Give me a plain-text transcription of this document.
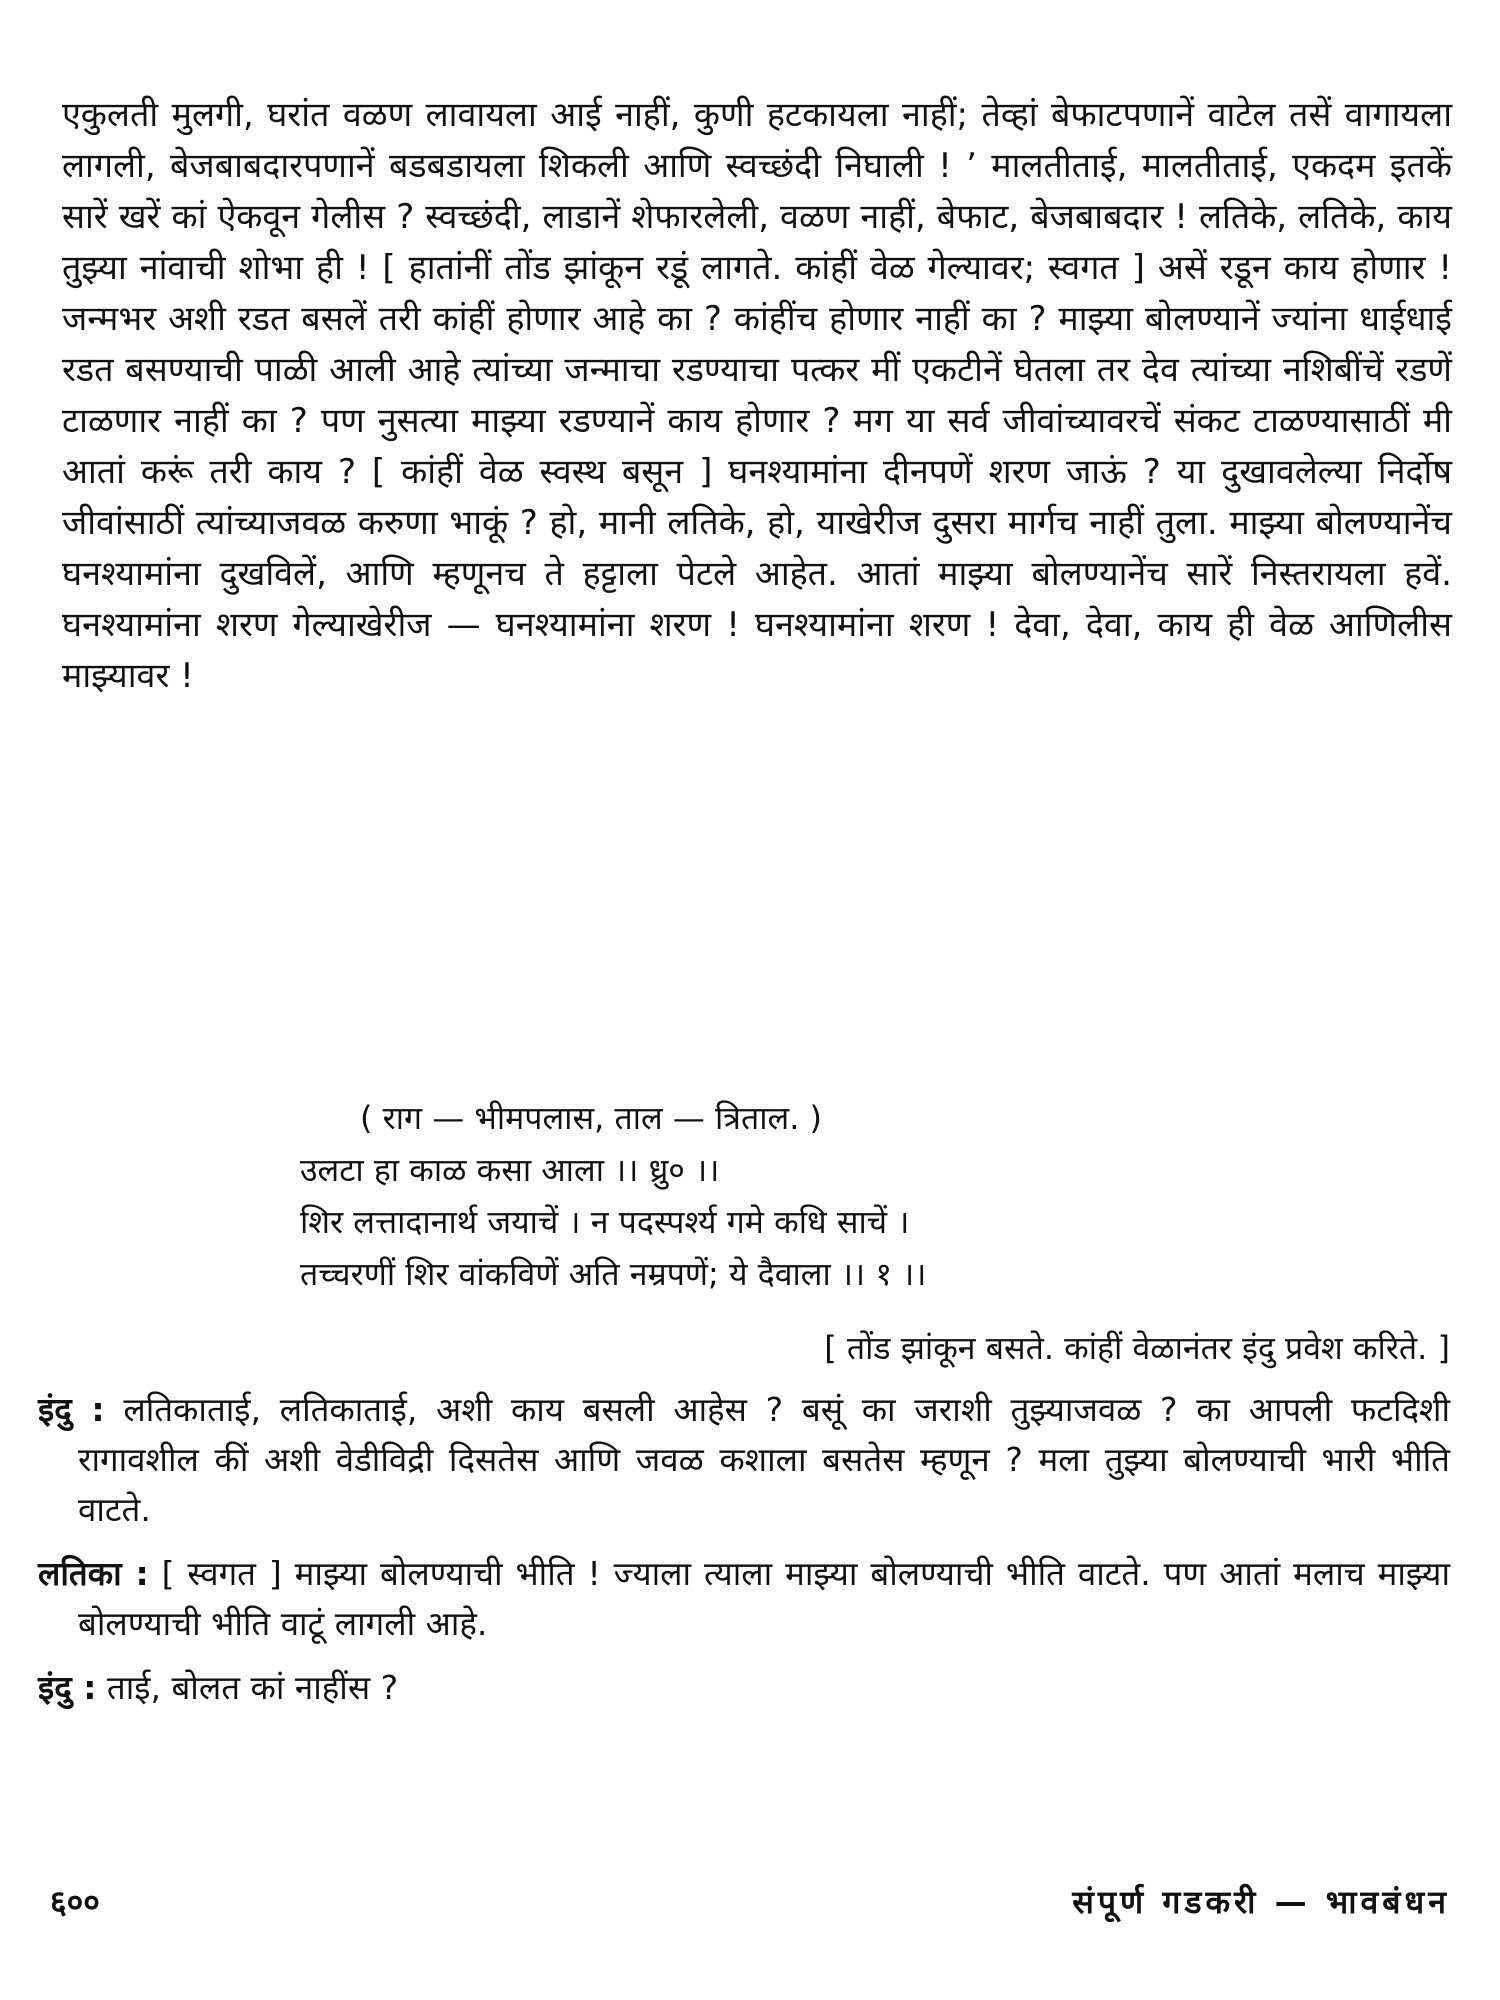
एकुलती मुलगी, घरांत वळण लावायला आई नाहीं, कुणी हटकायला नाहीं; तेव्हां बेफाटपणानें वाटेल तसें वागायला लागली, बेजबाबदारपणानें बडबडायला शिकली आणि स्वच्छंदी निघाली ! ’ मालतीताई, मालतीताई, एकदम इतकें सारें खरें कां ऐकवून गेलीस ? स्वच्छंदी, लाडानें शेफारलेली, वळण नाहीं, बेफाट, बेजबाबदार ! लतिके, लतिके, काय तुझ्या नांवाची शोभा ही ! [ हातांनीं तोंड झांकून रडूं लागते. कांहीं वेळ गेल्यावर; स्वगत ] असें रडून काय होणार ! जन्मभर अशी रडत बसलें तरी कांहीं होणार आहे का ? कांहींच होणार नाहीं का ? माझ्या बोलण्यानें ज्यांना धाईधाई रडत बसण्याची पाळी आली आहे त्यांच्या जन्माचा रडण्याचा पत्कर मीं एकटीनें घेतला तर देव त्यांच्या नशिबींचें रडणें टाळणार नाहीं का ? पण नुसत्या माझ्या रडण्यानें काय होणार ? मग या सर्व जीवांच्यावरचें संकट टाळण्यासाठीं मी आतां करूं तरी काय ? [ कांहीं वेळ स्वस्थ बसून ] घनश्यामांना दीनपणें शरण जाऊं ? या दुखावलेल्या निर्दोष जीवांसाठीं त्यांच्याजवळ करुणा भाकूं ? हो, मानी लतिके, हो, याखेरीज दुसरा मार्गच नाहीं तुला. माझ्या बोलण्यानेंच घनश्यामांना दुखविलें, आणि म्हणूनच ते हट्टाला पेटले आहेत. आतां माझ्या बोलण्यानेंच सारें निस्तरायला हवें. घनश्यामांना शरण गेल्याखेरीज — घनश्यामांना शरण ! घनश्यामांना शरण ! देवा, देवा, काय ही वेळ आणिलीस माझ्यावर !

( राग — भीमपलास, ताल — त्रिताल. )
उलटा हा काळ कसा आला ।। ध्रु० ।।
शिर लत्तादानार्थ जयाचें । न पदस्पर्श्य गमे कधि साचें ।
तच्चरणीं शिर वांकविणें अति नम्रपणें; ये दैवाला ।। १ ।।
[ तोंड झांकून बसते. कांहीं वेळानंतर इंदु प्रवेश करिते. ]

इंदु : लतिकाताई, लतिकाताई, अशी काय बसली आहेस ? बसूं का जराशी तुझ्याजवळ ? का आपली फटदिशी रागावशील कीं अशी वेडीविद्री दिसतेस आणि जवळ कशाला बसतेस म्हणून ? मला तुझ्या बोलण्याची भारी भीति वाटते.

लतिका : [ स्वगत ] माझ्या बोलण्याची भीति ! ज्याला त्याला माझ्या बोलण्याची भीति वाटते. पण आतां मलाच माझ्या बोलण्याची भीति वाटूं लागली आहे.

इंदु : ताई, बोलत कां नाहींस ?

६००	संपूर्ण गडकरी — भावबंधन
